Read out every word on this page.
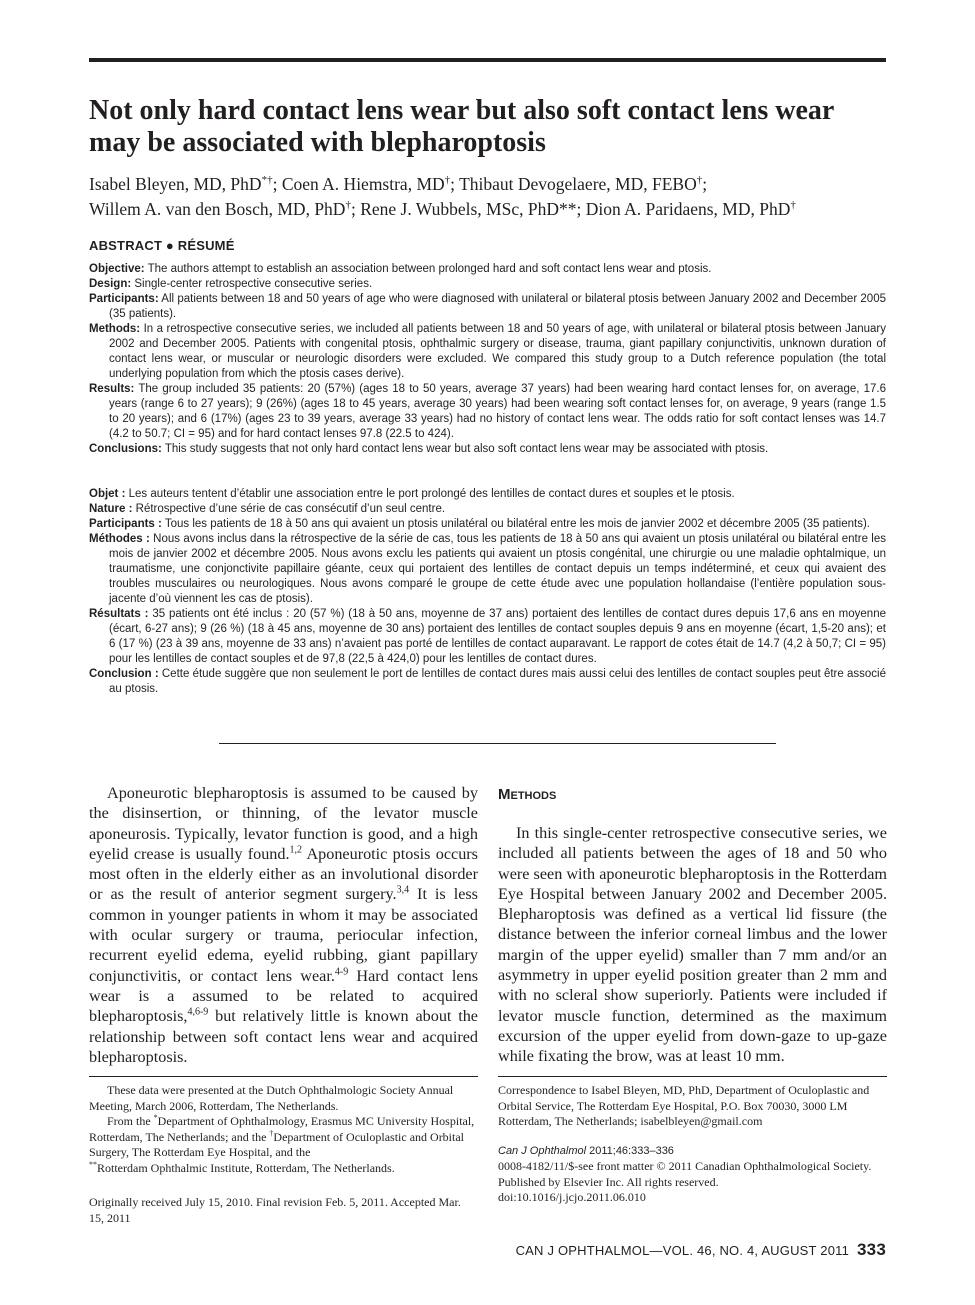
Not only hard contact lens wear but also soft contact lens wear may be associated with blepharoptosis
Isabel Bleyen, MD, PhD*†; Coen A. Hiemstra, MD†; Thibaut Devogelaere, MD, FEBO†;
Willem A. van den Bosch, MD, PhD†; Rene J. Wubbels, MSc, PhD**; Dion A. Paridaens, MD, PhD†
ABSTRACT ● RÉSUMÉ

Objective: The authors attempt to establish an association between prolonged hard and soft contact lens wear and ptosis.

Design: Single-center retrospective consecutive series.

Participants: All patients between 18 and 50 years of age who were diagnosed with unilateral or bilateral ptosis between January 2002 and December 2005 (35 patients).

Methods: In a retrospective consecutive series, we included all patients between 18 and 50 years of age, with unilateral or bilateral ptosis between January 2002 and December 2005. Patients with congenital ptosis, ophthalmic surgery or disease, trauma, giant papillary conjunctivitis, unknown duration of contact lens wear, or muscular or neurologic disorders were excluded. We compared this study group to a Dutch reference population (the total underlying population from which the ptosis cases derive).

Results: The group included 35 patients: 20 (57%) (ages 18 to 50 years, average 37 years) had been wearing hard contact lenses for, on average, 17.6 years (range 6 to 27 years); 9 (26%) (ages 18 to 45 years, average 30 years) had been wearing soft contact lenses for, on average, 9 years (range 1.5 to 20 years); and 6 (17%) (ages 23 to 39 years, average 33 years) had no history of contact lens wear. The odds ratio for soft contact lenses was 14.7 (4.2 to 50.7; CI = 95) and for hard contact lenses 97.8 (22.5 to 424).

Conclusions: This study suggests that not only hard contact lens wear but also soft contact lens wear may be associated with ptosis.

Objet : Les auteurs tentent d’établir une association entre le port prolongé des lentilles de contact dures et souples et le ptosis.

Nature : Rétrospective d’une série de cas consécutif d’un seul centre.

Participants : Tous les patients de 18 à 50 ans qui avaient un ptosis unilatéral ou bilatéral entre les mois de janvier 2002 et décembre 2005 (35 patients).

Méthodes : Nous avons inclus dans la rétrospective de la série de cas, tous les patients de 18 à 50 ans qui avaient un ptosis unilatéral ou bilatéral entre les mois de janvier 2002 et décembre 2005. Nous avons exclu les patients qui avaient un ptosis congénital, une chirurgie ou une maladie ophtalmique, un traumatisme, une conjonctivite papillaire géante, ceux qui portaient des lentilles de contact depuis un temps indéterminé, et ceux qui avaient des troubles musculaires ou neurologiques. Nous avons comparé le groupe de cette étude avec une population hollandaise (l’entière population sous-jacente d’où viennent les cas de ptosis).

Résultats : 35 patients ont été inclus : 20 (57 %) (18 à 50 ans, moyenne de 37 ans) portaient des lentilles de contact dures depuis 17,6 ans en moyenne (écart, 6-27 ans); 9 (26 %) (18 à 45 ans, moyenne de 30 ans) portaient des lentilles de contact souples depuis 9 ans en moyenne (écart, 1,5-20 ans); et 6 (17 %) (23 à 39 ans, moyenne de 33 ans) n’avaient pas porté de lentilles de contact auparavant. Le rapport de cotes était de 14.7 (4,2 à 50,7; CI = 95) pour les lentilles de contact souples et de 97,8 (22,5 à 424,0) pour les lentilles de contact dures.

Conclusion : Cette étude suggère que non seulement le port de lentilles de contact dures mais aussi celui des lentilles de contact souples peut être associé au ptosis.

Aponeurotic blepharoptosis is assumed to be caused by the disinsertion, or thinning, of the levator muscle aponeurosis. Typically, levator function is good, and a high eyelid crease is usually found.$^{1,2}$ Aponeurotic ptosis occurs most often in the elderly either as an involutional disorder or as the result of anterior segment surgery.$^{3,4}$ It is less common in younger patients in whom it may be associated with ocular surgery or trauma, periocular infection, recurrent eyelid edema, eyelid rubbing, giant papillary conjunctivitis, or contact lens wear.$^{4-9}$ Hard contact lens wear is a assumed to be related to acquired blepharoptosis,$^{4,6-9}$ but relatively little is known about the relationship between soft contact lens wear and acquired blepharoptosis.
Methods
In this single-center retrospective consecutive series, we included all patients between the ages of 18 and 50 who were seen with aponeurotic blepharoptosis in the Rotterdam Eye Hospital between January 2002 and December 2005. Blepharoptosis was defined as a vertical lid fissure (the distance between the inferior corneal limbus and the lower margin of the upper eyelid) smaller than 7 mm and/or an asymmetry in upper eyelid position greater than 2 mm and with no scleral show superiorly. Patients were included if levator muscle function, determined as the maximum excursion of the upper eyelid from down-gaze to up-gaze while fixating the brow, was at least 10 mm.

These data were presented at the Dutch Ophthalmologic Society Annual Meeting, March 2006, Rotterdam, The Netherlands.

From the *Department of Ophthalmology, Erasmus MC University Hospital, Rotterdam, The Netherlands; and the †Department of Oculoplastic and Orbital Surgery, The Rotterdam Eye Hospital, and the
**Rotterdam Ophthalmic Institute, Rotterdam, The Netherlands.

Originally received July 15, 2010. Final revision Feb. 5, 2011. Accepted Mar. 15, 2011
Correspondence to Isabel Bleyen, MD, PhD, Department of Oculoplastic and Orbital Service, The Rotterdam Eye Hospital, P.O. Box 70030, 3000 LM Rotterdam, The Netherlands; isabelbleyen@gmail.com
Can J Ophthalmol 2011;46:333–336

0008-4182/11/$-see front matter © 2011 Canadian Ophthalmological Society.

Published by Elsevier Inc. All rights reserved.

doi:10.1016/j.jcjo.2011.06.010

CAN J OPHTHALMOL—VOL. 46, NO. 4, AUGUST 2011 333
